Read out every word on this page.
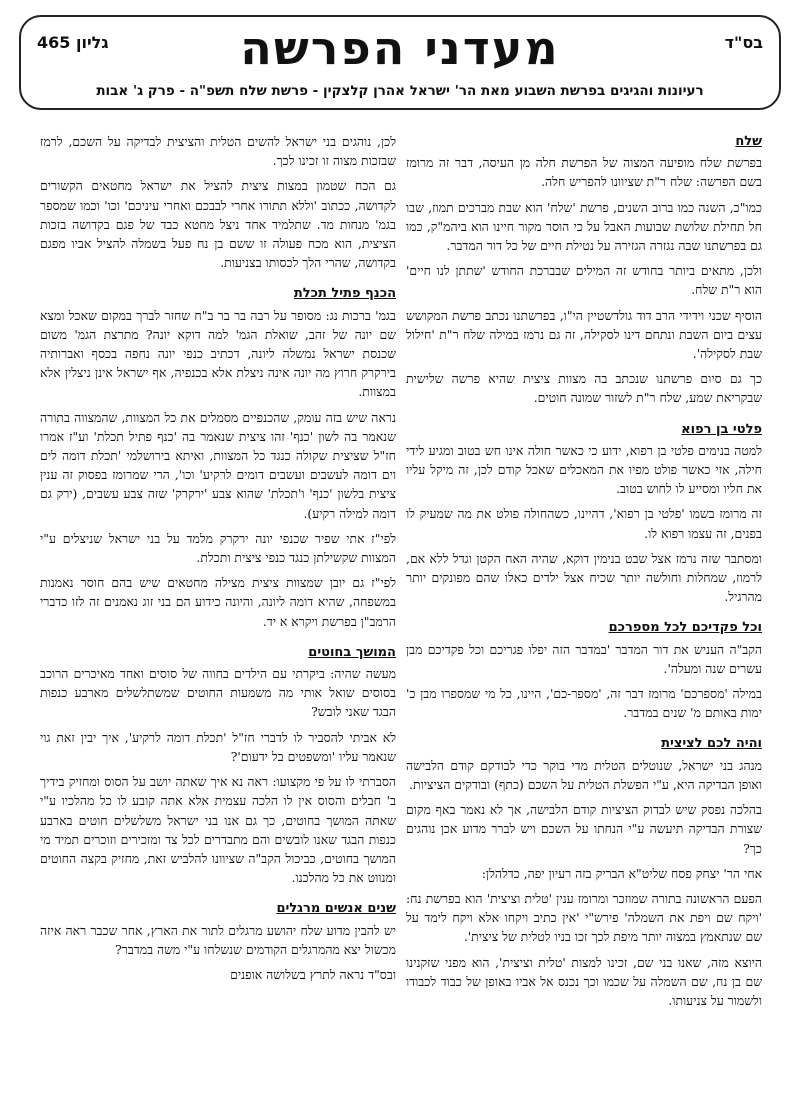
בס"ד
מעדני הפרשה
גליון 465
רעיונות והגיגים בפרשת השבוע מאת הר' ישראל אהרן קלצקין - פרשת שלח תשפ"ה - פרק ג' אבות
שלח

בפרשת שלח מופיעה המצוה של הפרשת חלה מן העיסה, דבר זה מרומז בשם הפרשה: שלח ר"ת שציוונו להפריש חלה.

כמו"כ, השנה כמו ברוב השנים, פרשת 'שלח' הוא שבת מברכים תמוז, שבו חל תחילת שלושת שבועות האבל על כי הוסר מקור חיינו הוא ביהמ"ק, כמו גם בפרשתנו שבה נגזרה הגזירה על נטילת חיים של כל דור המדבר.

ולכן, מתאים ביותר בחודש זה המילים שבברכת החודש 'שתתן לנו חיים' הוא ר"ת שלח.

הוסיף שכני וידידי הרב דוד גולדשטיין הי"ו, בפרשתנו נכתב פרשת המקושש עצים ביום השבת ונתחם דינו לסקילה, זה גם נרמז במילה שלח ר"ת 'חילול שבת לסקילה'.

כך גם סיום פרשתנו שנכתב בה מצוות ציצית שהיא פרשה שלישית שבקריאת שמע, שלח ר"ת לשזור שמונה חוטים.

פלטי בן רפוא

למטה בנימים פלטי בן רפוא, ידוע כי כאשר חולה אינו חש בטוב ומגיע לידי חילה, אזי כאשר פולט מפיו את המאכלים שאכל קודם לכן, זה מיקל עליו את חליו ומסייע לו לחוש בטוב.

זה מרומז בשמו 'פלטי בן רפוא', דהיינו, כשהחולה פולט את מה שמעיק לו בפנים, זה עצמו רפוא לו.

ומסתבר שזה נרמז אצל שבט בנימין דוקא, שהיה האח הקטן וגדל ללא אם, לרמוז, שמחלות וחולשה יותר שכיח אצל ילדים כאלו שהם מפונקים יותר מהרגיל.

וכל פקדיכם לכל מספרכם

הקב"ה העניש את דור המדבר 'במדבר הזה יפלו פגריכם וכל פקדיכם מבן עשרים שנה ומעלה'.

במילה 'מספרכם' מרומז דבר זה, 'מספר-כם', היינו, כל מי שמספרו מבן כ' ימות באותם מ' שנים במדבר.

והיה לכם לציצית

מנהג בני ישראל, שנוטלים הטלית מדי בוקר כדי לבודקם קודם הלבישה ואופן הבדיקה היא, ע"י הפשלת הטלית על השכם (כתף) ובודקים הציציות.

בהלכה נפסק שיש לבדוק הציציות קודם הלבישה, אך לא נאמר באף מקום שצורת הבדיקה תיעשה ע"י הנחתו על השכם ויש לברר מדוע אכן נוהגים כך?

אחי הר' יצחק פסח שליט"א הבריק בזה רעיון יפה, כדלהלן:

הפעם הראשונה בתורה שמוזכר ומרומז ענין 'טלית וציצית' הוא בפרשת נח: 'ויקח שם ויפת את השמלה' פירש"י 'אין כתיב ויקחו אלא ויקח לימד על שם שנתאמץ במצוה יותר מיפת לכך זכו בניו לטלית של ציצית'.

היוצא מזה, שאנו בני שם, זכינו למצות 'טלית וציצית', הוא מפני שזקנינו שם בן נח, שם השמלה על שכמו וכך נכנס אל אביו באופן של כבוד לכבודו ולשמור על צניעותו.

לכן, נוהגים בני ישראל להשים הטלית והציצית לבדיקה על השכם, לרמז שבזכות מצוה זו זכינו לכך.

גם הכח שטמון במצות ציצית להציל את ישראל מחטאים הקשורים לקדושה, ככתוב 'וללא תתורו אחרי לבבכם ואחרי עיניכם' וכו' וכמו שמספר בגמ' מנחות מד. שתלמיד אחד ניצל מחטא כבד של פגם בקדושה בזכות הציצית, הוא מכח פעולה זו ששם בן נח פעל בשמלה להציל אביו מפגם בקדושה, שהרי הלך לכסותו בצניעות.

הכנף פתיל תכלת

בגמ' ברכות נג: מסופר על רבה בר בר ב"ח שחזר לברך במקום שאכל ומצא שם יונה של זהב, שואלת הגמ' למה דוקא יונה? מתרצת הגמ' משום שכנסת ישראל נמשלה ליונה, דכתיב כנפי יונה נחפה בכסף ואברותיה בירקרק חרוץ מה יונה אינה ניצלת אלא בכנפיה, אף ישראל אינן ניצלין אלא במצוות.

נראה שיש בזה עומק, שהכנפיים מסמלים את כל המצוות, שהמצווה בתורה שנאמר בה לשון 'כנף' זהו ציצית שנאמר בה 'כנף פתיל תכלת' וע"ז אמרו חז"ל שציצית שקולה כנגד כל המצוות, ואיתא בירושלמי 'תכלת דומה לים וים דומה לעשבים ועשבים דומים לרקיע' וכו', הרי שמרומז בפסוק זה ענין ציצית בלשון 'כנף' ו'תכלת' שהוא צבע 'ירקרק' שזה צבע עשבים, (ירק גם דומה למילה רקיע).

לפי"ז אתי שפיר שכנפי יונה ירקרק מלמד על בני ישראל שניצלים ע"י המצוות שקשילתן כנגד כנפי ציצית ותכלת.

לפי"ז גם יובן שמצוות ציצית מצילה מחטאים שיש בהם חוסר נאמנות במשפחה, שהיא דומה ליונה, והיונה כידוע הם בני זוג נאמנים זה לזו כדברי הרמב"ן בפרשת ויקרא א יד.

המושך בחוטים

מעשה שהיה: ביקרתי עם הילדים בחווה של סוסים ואחד מאיכרים הרוכב בסוסים שואל אותי מה משמעות החוטים שמשתלשלים מארבע כנפות הבגד שאני לובש?

לא אביתי להסביר לו לדברי חז"ל 'תכלת דומה לרקיע', איך יבין זאת גוי שנאמר עליו 'ומשפטים בל ידעום'?

הסברתי לו על פי מקצועו: ראה נא איך שאתה יושב על הסוס ומחזיק בידיך ב' חבלים והסוס אין לו הלכה עצמית אלא אתה קובע לו כל מהלכיו ע"י שאתה המושך בחוטים, כך גם אנו בני ישראל משלשלים חוטים בארבע כנפות הבגד שאנו לובשים והם מתבדרים לכל צד ומזכירים וזוכרים תמיד מי המושך בחוטים, כביכול הקב"ה שציוונו להלביש זאת, מחזיק בקצה החוטים ומנווט את כל מהלכנו.

שנים אנשים מרגלים

יש להבין מדוע שלח יהושע מרגלים לתור את הארץ, אחר שכבר ראה איזה מכשול יצא מהמרגלים הקודמים שנשלחו ע"י משה במדבר?

ובס"ד נראה לתרץ בשלושה אופנים
